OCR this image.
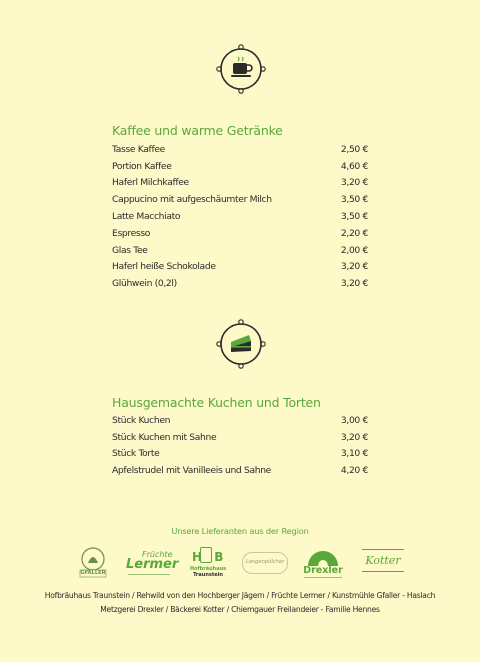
Kaffee und warme Getränke
Tasse Kaffee	2,50 €
Portion Kaffee	4,60 €
Haferl Milchkaffee	3,20 €
Cappucino mit aufgeschäumter Milch	3,50 €
Latte Macchiato	3,50 €
Espresso	2,20 €
Glas Tee	2,00 €
Haferl heiße Schokolade	3,20 €
Glühwein (0,2l)	3,20 €
Hausgemachte Kuchen und Torten
Stück Kuchen	3,00 €
Stück Kuchen mit Sahne	3,20 €
Stück Torte	3,10 €
Apfelstrudel mit Vanilleeis und Sahne	4,20 €
Unsere Lieferanten aus der Region
GFALLER
Früchte
Lermer H B
Hofbräuhaus
Traunstein
Langenpölcher
Drexler
Kotter
Hofbräuhaus Traunstein / Rehwild von den Hochberger Jägern / Früchte Lermer / Kunstmühle Gfaller - Haslach
Metzgerei Drexler / Bäckerei Kotter / Chiemgauer Freilandeier - Familie Hennes
